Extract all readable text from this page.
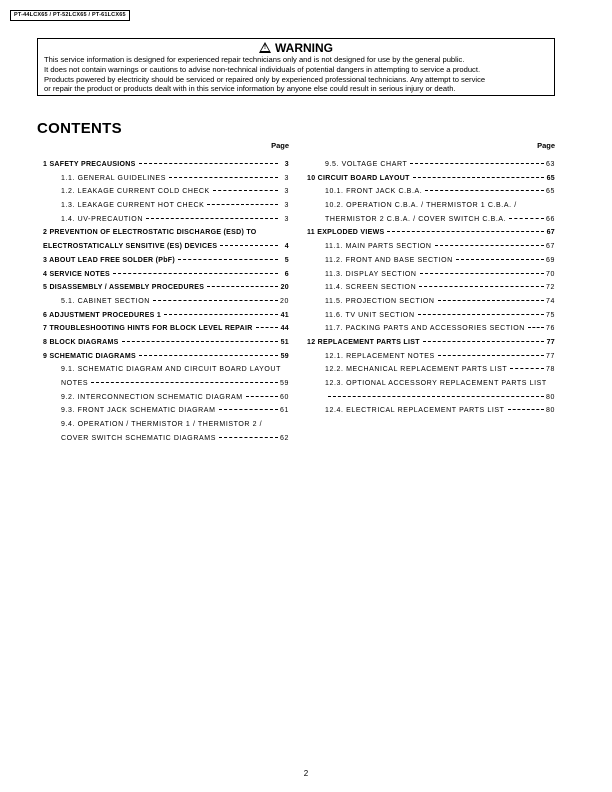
PT-44LCX65 / PT-52LCX65 / PT-61LCX65
! WARNING
This service information is designed for experienced repair technicians only and is not designed for use by the general public.
It does not contain warnings or cautions to advise non-technical individuals of potential dangers in attempting to service a product.
Products powered by electricity should be serviced or repaired only by experienced professional technicians. Any attempt to service
or repair the product or products dealt with in this service information by anyone else could result in serious injury or death.
CONTENTS
Page
1 SAFETY PRECAUSIONS	3
1.1. GENERAL GUIDELINES	3
1.2. LEAKAGE CURRENT COLD CHECK	3
1.3. LEAKAGE CURRENT HOT CHECK	3
1.4. UV-PRECAUTION	3
2 PREVENTION OF ELECTROSTATIC DISCHARGE (ESD) TO
ELECTROSTATICALLY SENSITIVE (ES) DEVICES	4
3 ABOUT LEAD FREE SOLDER (PbF)	5
4 SERVICE NOTES	6
5 DISASSEMBLY / ASSEMBLY PROCEDURES	20
5.1. CABINET SECTION	20
6 ADJUSTMENT PROCEDURES 1	41
7 TROUBLESHOOTING HINTS FOR BLOCK LEVEL REPAIR	44
8 BLOCK DIAGRAMS	51
9 SCHEMATIC DIAGRAMS	59
9.1. SCHEMATIC DIAGRAM AND CIRCUIT BOARD LAYOUT
NOTES	59
9.2. INTERCONNECTION SCHEMATIC DIAGRAM	60
9.3. FRONT JACK SCHEMATIC DIAGRAM	61
9.4. OPERATION / THERMISTOR 1 / THERMISTOR 2 /
COVER SWITCH SCHEMATIC DIAGRAMS	62
Page
9.5. VOLTAGE CHART	63
10 CIRCUIT BOARD LAYOUT	65
10.1. FRONT JACK C.B.A.	65
10.2. OPERATION C.B.A. / THERMISTOR 1 C.B.A. /
THERMISTOR 2 C.B.A. / COVER SWITCH C.B.A.	66
11 EXPLODED VIEWS	67
11.1. MAIN PARTS SECTION	67
11.2. FRONT AND BASE SECTION	69
11.3. DISPLAY SECTION	70
11.4. SCREEN SECTION	72
11.5. PROJECTION SECTION	74
11.6. TV UNIT SECTION	75
11.7. PACKING PARTS AND ACCESSORIES SECTION	76
12 REPLACEMENT PARTS LIST	77
12.1. REPLACEMENT NOTES	77
12.2. MECHANICAL REPLACEMENT PARTS LIST	78
12.3. OPTIONAL ACCESSORY REPLACEMENT PARTS LIST
80
12.4. ELECTRICAL REPLACEMENT PARTS LIST	80
2
